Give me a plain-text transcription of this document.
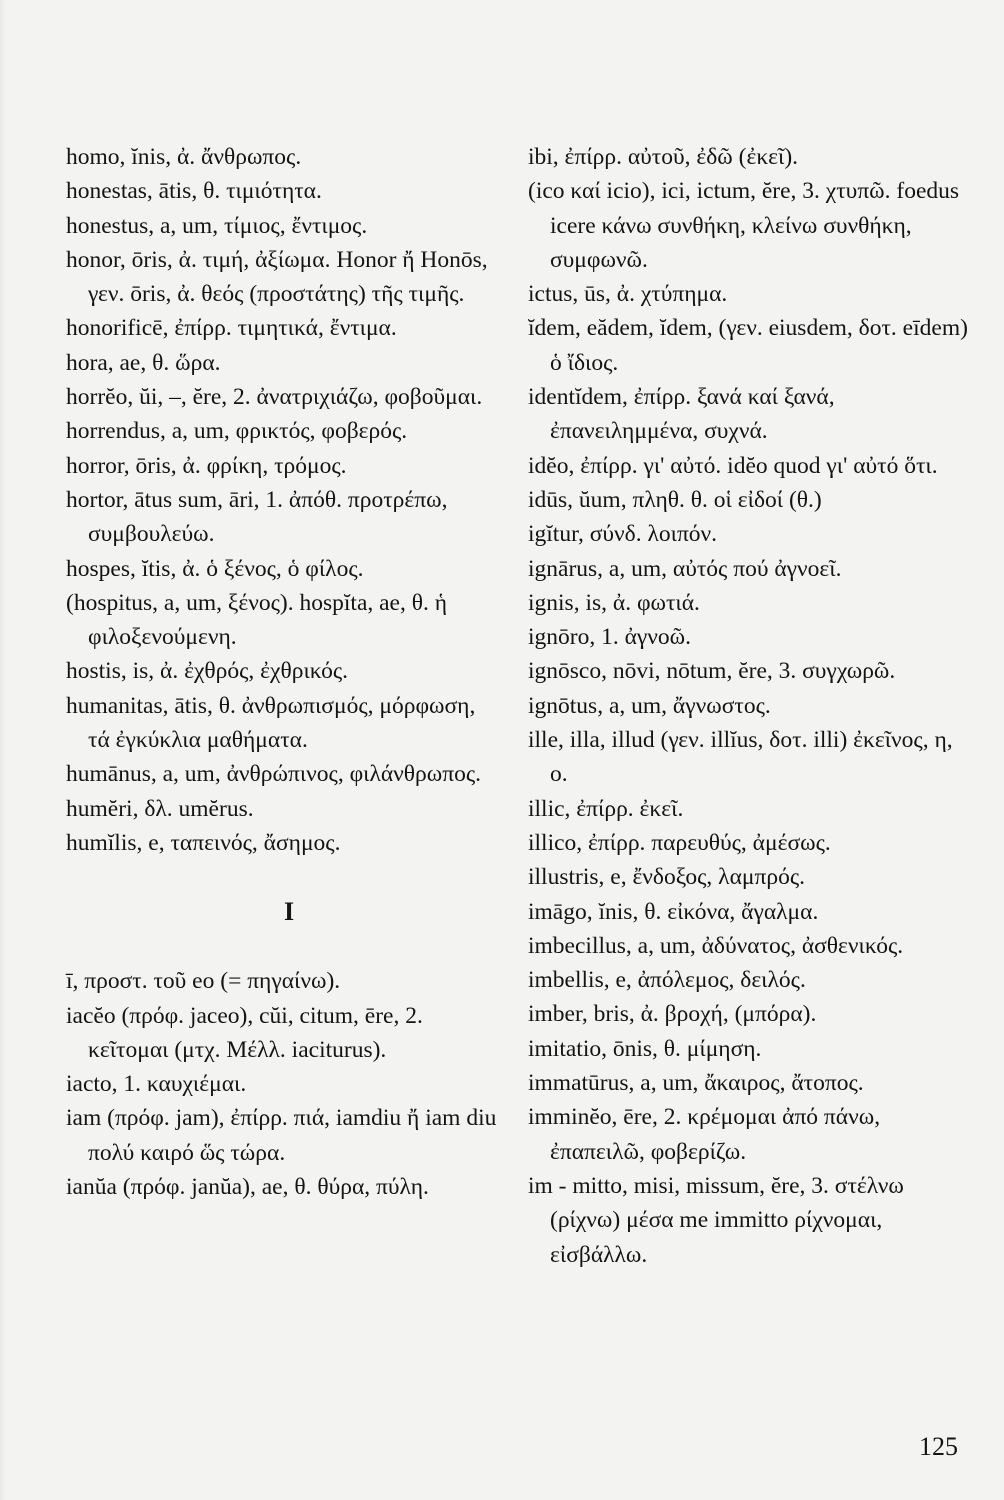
homo, ĭnis, ἀ. ἄνθρωπος.

honestas, ātis, θ. τιμιότητα.

honestus, a, um, τίμιος, ἔντιμος.

honor, ōris, ἀ. τιμή, ἀξίωμα. Honor ἤ Honōs, γεν. ōris, ἀ. θεός (προστάτης) τῆς τιμῆς.

honorificē, ἐπίρρ. τιμητικά, ἔντιμα.

hora, ae, θ. ὥρα.

horrĕo, ŭi, –, ĕre, 2. ἀνατριχιάζω, φοβοῦμαι.

horrendus, a, um, φρικτός, φοβερός.

horror, ōris, ἀ. φρίκη, τρόμος.

hortor, ātus sum, āri, 1. ἀπόθ. προτρέπω, συμβουλεύω.

hospes, ĭtis, ἀ. ὁ ξένος, ὁ φίλος.

(hospitus, a, um, ξένος). hospĭta, ae, θ. ἡ φιλοξενούμενη.

hostis, is, ἀ. ἐχθρός, ἐχθρικός.

humanitas, ātis, θ. ἀνθρωπισμός, μόρφωση, τά ἐγκύκλια μαθήματα.

humānus, a, um, ἀνθρώπινος, φιλάνθρωπος.

humĕri, δλ. umĕrus.

humĭlis, e, ταπεινός, ἄσημος.

I

ī, προστ. τοῦ eo (= πηγαίνω).

iacĕo (πρόφ. jaceo), cŭi, citum, ēre, 2. κεῖτομαι (μτχ. Μέλλ. iaciturus).

iacto, 1. καυχιέμαι.

iam (πρόφ. jam), ἐπίρρ. πιά, iamdiu ἤ iam diu πολύ καιρό ὥς τώρα.

ianŭa (πρόφ. janŭa), ae, θ. θύρα, πύλη.

ibi, ἐπίρρ. αὐτοῦ, ἐδῶ (ἐκεῖ).

(ico καί icio), ici, ictum, ĕre, 3. χτυπῶ. foedus icere κάνω συνθήκη, κλείνω συνθήκη, συμφωνῶ.

ictus, ūs, ἀ. χτύπημα.

ĭdem, eădem, ĭdem, (γεν. eiusdem, δοτ. eīdem) ὁ ἴδιος.

identĭdem, ἐπίρρ. ξανά καί ξανά, ἐπανειλημμένα, συχνά.

idĕo, ἐπίρρ. γι' αὐτό. idĕo quod γι' αὐτό ὅτι.

idūs, ŭum, πληθ. θ. οἱ εἰδοί (θ.)

igĭtur, σύνδ. λοιπόν.

ignārus, a, um, αὐτός πού ἀγνοεῖ.

ignis, is, ἀ. φωτιά.

ignōro, 1. ἀγνοῶ.

ignōsco, nōvi, nōtum, ĕre, 3. συγχωρῶ.

ignōtus, a, um, ἄγνωστος.

ille, illa, illud (γεν. illĭus, δοτ. illi) ἐκεῖνος, η, ο.

illic, ἐπίρρ. ἐκεῖ.

illico, ἐπίρρ. παρευθύς, ἀμέσως.

illustris, e, ἔνδοξος, λαμπρός.

imāgo, ĭnis, θ. εἰκόνα, ἄγαλμα.

imbecillus, a, um, ἀδύνατος, ἀσθενικός.

imbellis, e, ἀπόλεμος, δειλός.

imber, bris, ἀ. βροχή, (μπόρα).

imitatio, ōnis, θ. μίμηση.

immatūrus, a, um, ἄκαιρος, ἄτοπος.

imminĕo, ēre, 2. κρέμομαι ἀπό πάνω, ἐπαπειλῶ, φοβερίζω.

im - mitto, misi, missum, ĕre, 3. στέλνω (ρίχνω) μέσα me immitto ρίχνομαι, εἰσβάλλω.

125
